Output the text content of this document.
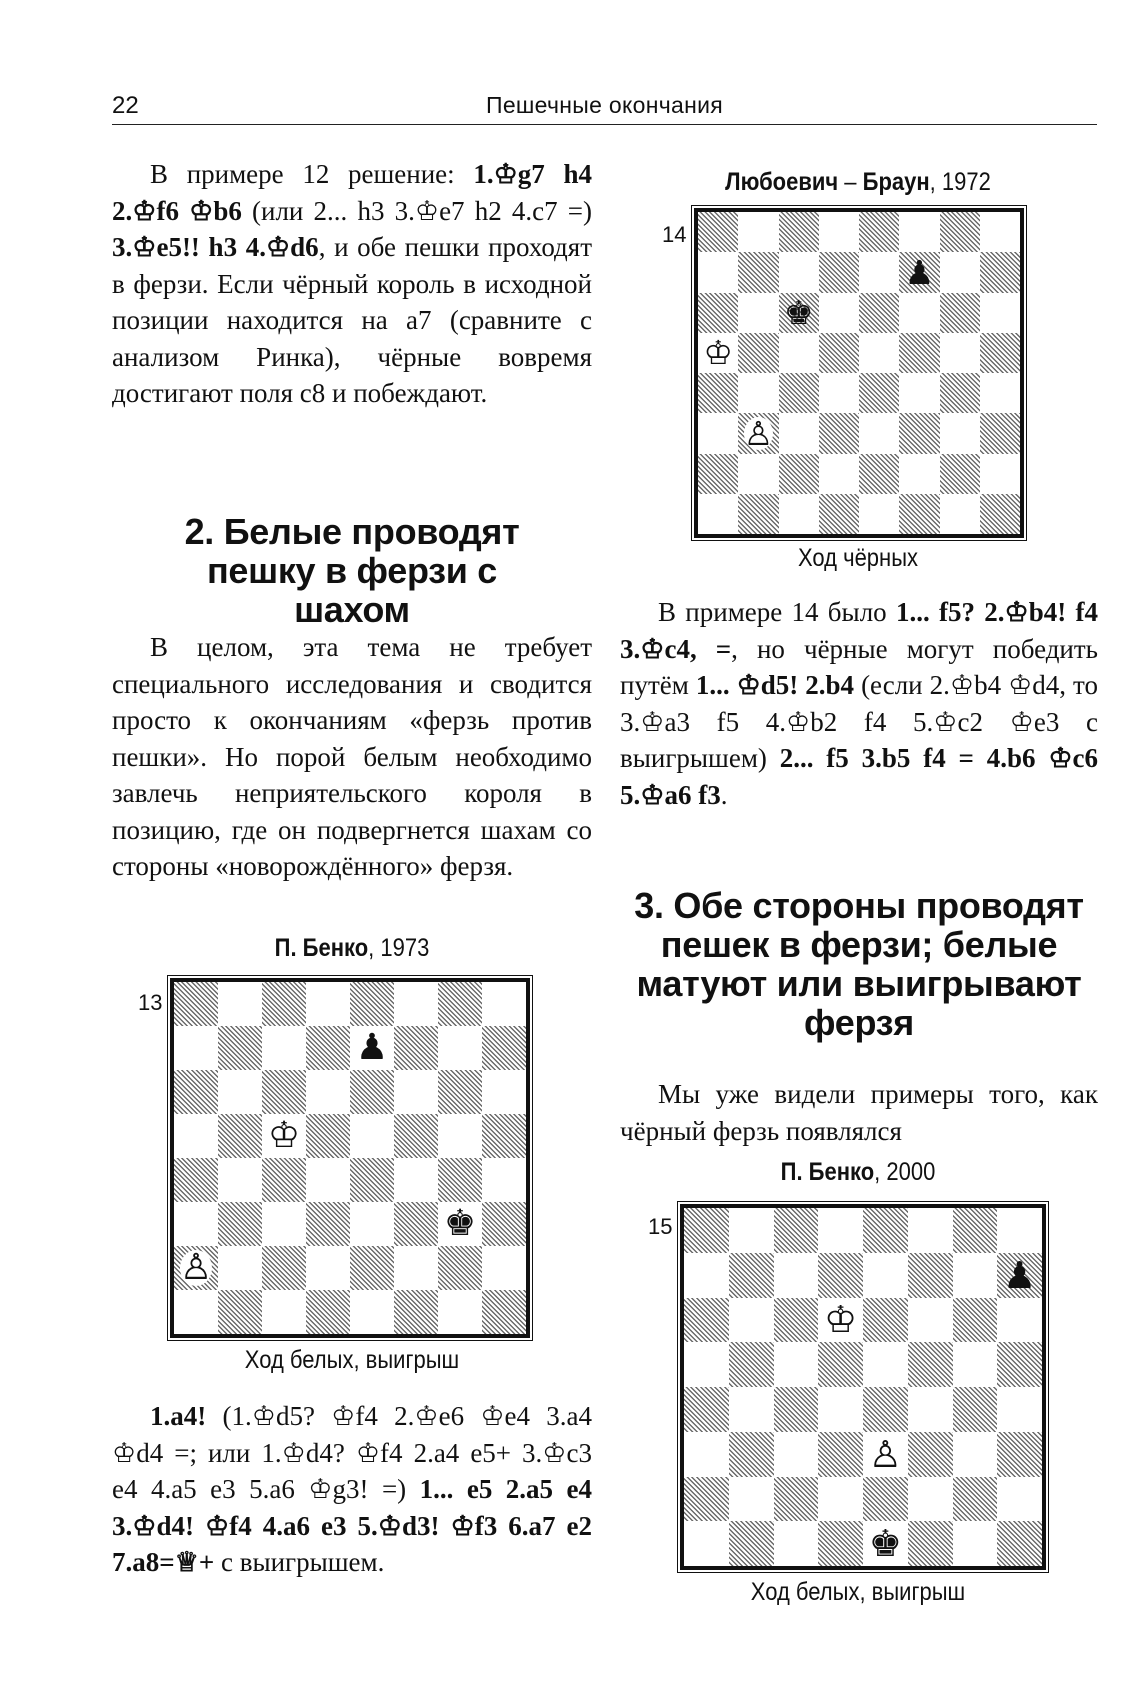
22	Пешечные окончания

В примере 12 решение: 1.♔g7 h4 2.♔f6 ♔b6 (или 2... h3 3.♔e7 h2 4.c7 =) 3.♔e5!! h3 4.♔d6, и обе пешки проходят в ферзи. Если чёрный король в исходной позиции находится на a7 (сравните с анализом Ринка), чёрные вовремя достигают поля c8 и побеждают.

2. Белые проводят пешку в ферзи с шахом

В целом, эта тема не требует специального исследования и сводится просто к окончаниям «ферзь против пешки». Но порой белым необходимо завлечь неприятельского короля в позицию, где он подвергнется шахам со стороны «новорождённого» ферзя.

П. Бенко, 1973
13
♟
♔
♚
♙
Ход белых, выигрыш

1.a4! (1.♔d5? ♔f4 2.♔e6 ♔e4 3.a4 ♔d4 =; или 1.♔d4? ♔f4 2.a4 e5+ 3.♔c3 e4 4.a5 e3 5.a6 ♔g3! =) 1... e5 2.a5 e4 3.♔d4! ♔f4 4.a6 e3 5.♔d3! ♔f3 6.a7 e2 7.a8=♕+ с выигрышем.

Любоевич – Браун, 1972
14
♟
♚
♔
♙
Ход чёрных

В примере 14 было 1... f5? 2.♔b4! f4 3.♔c4, =, но чёрные могут победить путём 1... ♔d5! 2.b4 (если 2.♔b4 ♔d4, то 3.♔a3 f5 4.♔b2 f4 5.♔c2 ♔e3 с выигрышем) 2... f5 3.b5 f4 = 4.b6 ♔c6 5.♔a6 f3.

3. Обе стороны проводят пешек в ферзи; белые матуют или выигрывают ферзя

Мы уже видели примеры того, как чёрный ферзь появлялся

П. Бенко, 2000
15
♟
♔
♙
♚
Ход белых, выигрыш
